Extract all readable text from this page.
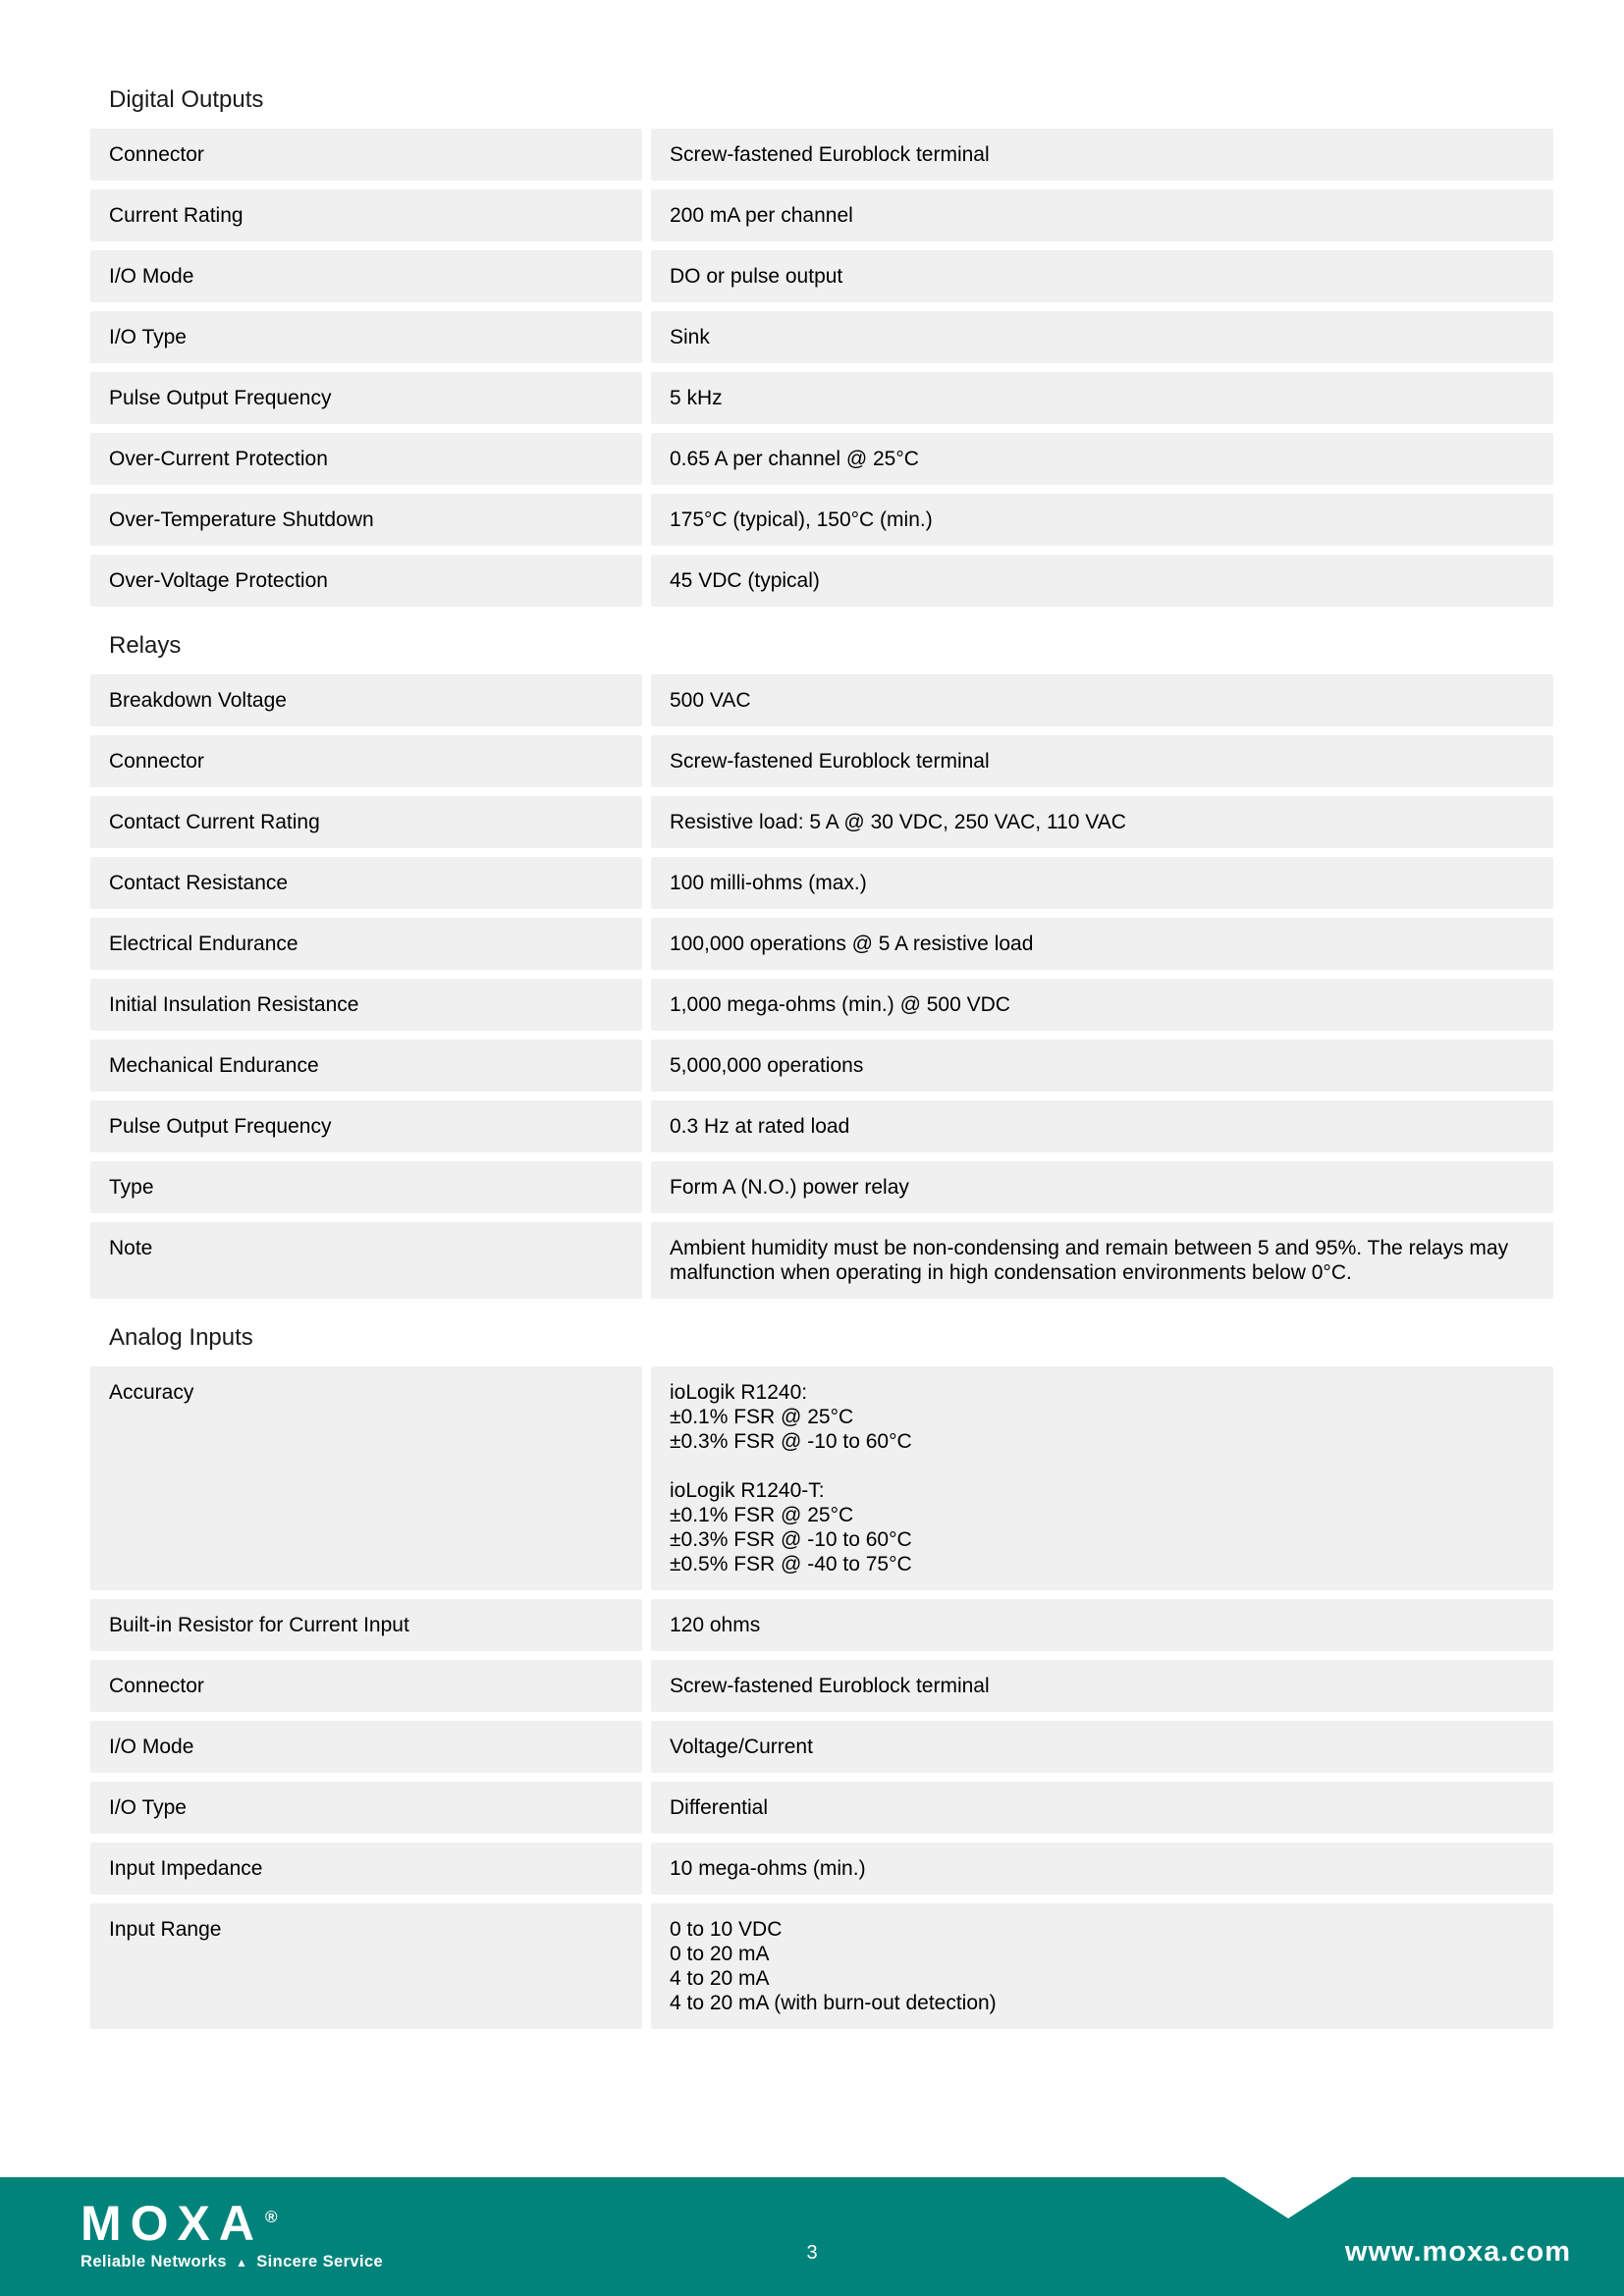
Digital Outputs
Connector	Screw-fastened Euroblock terminal
Current Rating	200 mA per channel
I/O Mode	DO or pulse output
I/O Type	Sink
Pulse Output Frequency	5 kHz
Over-Current Protection	0.65 A per channel @ 25°C
Over-Temperature Shutdown	175°C (typical), 150°C (min.)
Over-Voltage Protection	45 VDC (typical)
Relays
Breakdown Voltage	500 VAC
Connector	Screw-fastened Euroblock terminal
Contact Current Rating	Resistive load: 5 A @ 30 VDC, 250 VAC, 110 VAC
Contact Resistance	100 milli-ohms (max.)
Electrical Endurance	100,000 operations @ 5 A resistive load
Initial Insulation Resistance	1,000 mega-ohms (min.) @ 500 VDC
Mechanical Endurance	5,000,000 operations
Pulse Output Frequency	0.3 Hz at rated load
Type	Form A (N.O.) power relay
Note	Ambient humidity must be non-condensing and remain between 5 and 95%. The relays may malfunction when operating in high condensation environments below 0°C.
Analog Inputs
Accuracy	ioLogik R1240:
±0.1% FSR @ 25°C
±0.3% FSR @ -10 to 60°C
ioLogik R1240-T:
±0.1% FSR @ 25°C
±0.3% FSR @ -10 to 60°C
±0.5% FSR @ -40 to 75°C
Built-in Resistor for Current Input	120 ohms
Connector	Screw-fastened Euroblock terminal
I/O Mode	Voltage/Current
I/O Type	Differential
Input Impedance	10 mega-ohms (min.)
Input Range	0 to 10 VDC
0 to 20 mA
4 to 20 mA
4 to 20 mA (with burn-out detection)
MOXA ®
Reliable Networks ▲ Sincere Service	3	www.moxa.com
